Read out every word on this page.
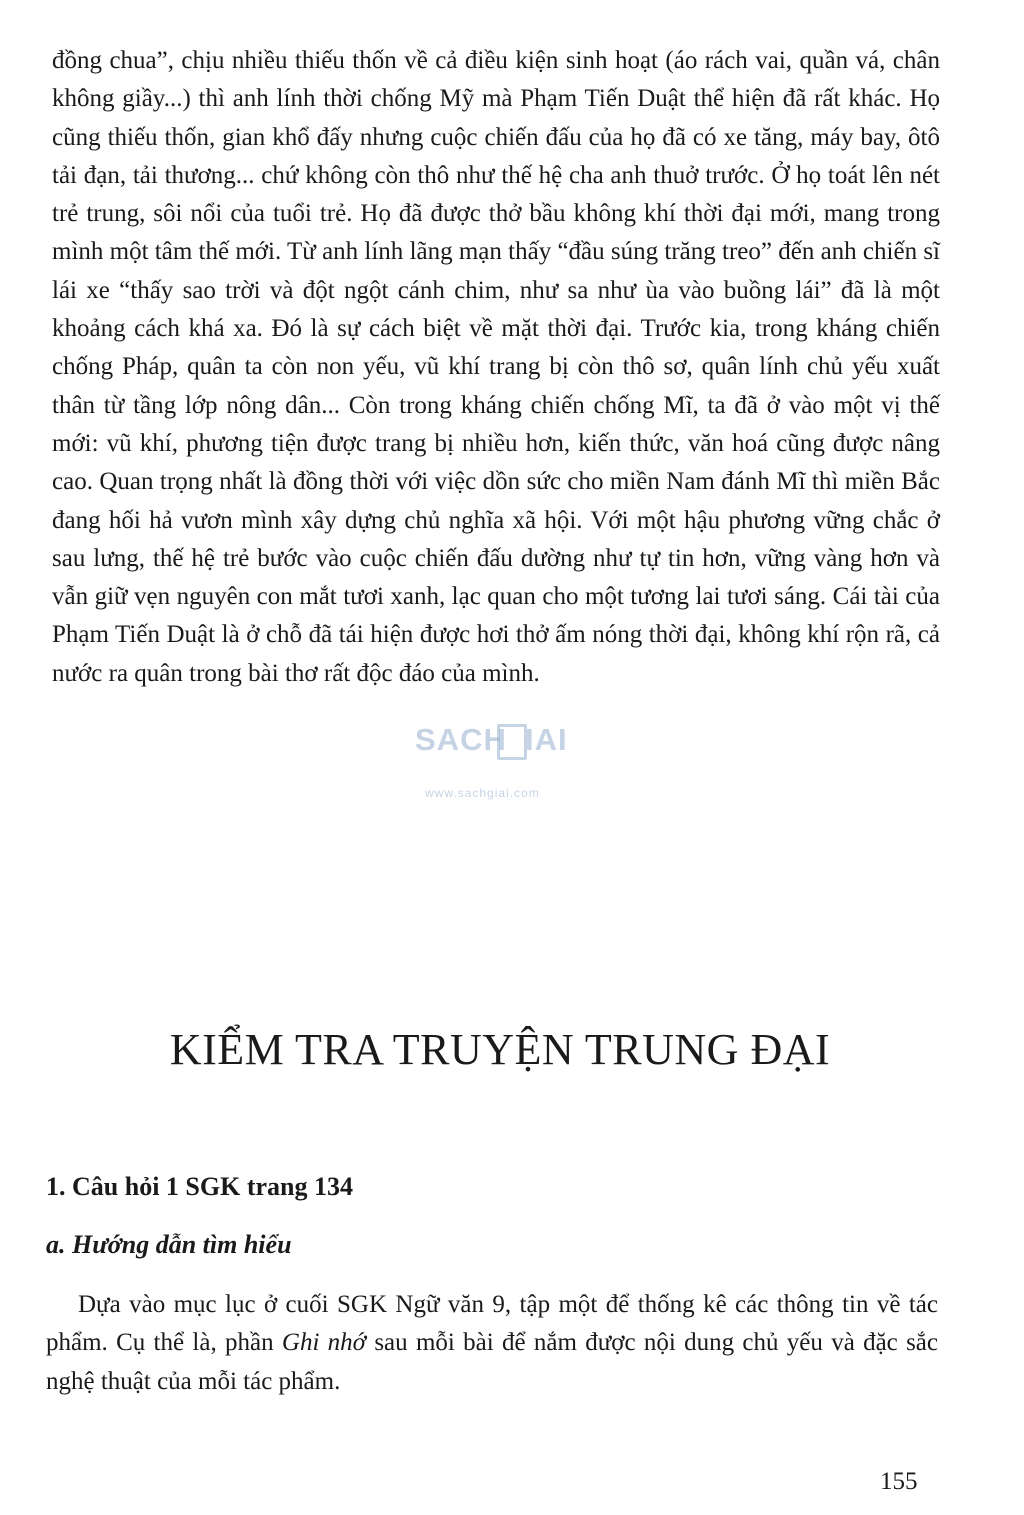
đồng chua”, chịu nhiều thiếu thốn về cả điều kiện sinh hoạt (áo rách vai, quần vá, chân không giầy...) thì anh lính thời chống Mỹ mà Phạm Tiến Duật thể hiện đã rất khác. Họ cũng thiếu thốn, gian khổ đấy nhưng cuộc chiến đấu của họ đã có xe tăng, máy bay, ôtô tải đạn, tải thương... chứ không còn thô như thế hệ cha anh thuở trước. Ở họ toát lên nét trẻ trung, sôi nổi của tuổi trẻ. Họ đã được thở bầu không khí thời đại mới, mang trong mình một tâm thế mới. Từ anh lính lãng mạn thấy “đầu súng trăng treo” đến anh chiến sĩ lái xe “thấy sao trời và đột ngột cánh chim, như sa như ùa vào buồng lái” đã là một khoảng cách khá xa. Đó là sự cách biệt về mặt thời đại. Trước kia, trong kháng chiến chống Pháp, quân ta còn non yếu, vũ khí trang bị còn thô sơ, quân lính chủ yếu xuất thân từ tầng lớp nông dân... Còn trong kháng chiến chống Mĩ, ta đã ở vào một vị thế mới: vũ khí, phương tiện được trang bị nhiều hơn, kiến thức, văn hoá cũng được nâng cao. Quan trọng nhất là đồng thời với việc dồn sức cho miền Nam đánh Mĩ thì miền Bắc đang hối hả vươn mình xây dựng chủ nghĩa xã hội. Với một hậu phương vững chắc ở sau lưng, thế hệ trẻ bước vào cuộc chiến đấu dường như tự tin hơn, vững vàng hơn và vẫn giữ vẹn nguyên con mắt tươi xanh, lạc quan cho một tương lai tươi sáng. Cái tài của Phạm Tiến Duật là ở chỗ đã tái hiện được hơi thở ấm nóng thời đại, không khí rộn rã, cả nước ra quân trong bài thơ rất độc đáo của mình.

SACH IAI
www.sachgiai.com
KIỂM TRA TRUYỆN TRUNG ĐẠI
1. Câu hỏi 1 SGK trang 134
a. Hướng dẫn tìm hiểu

Dựa vào mục lục ở cuối SGK Ngữ văn 9, tập một để thống kê các thông tin về tác phẩm. Cụ thể là, phần Ghi nhớ sau mỗi bài để nắm được nội dung chủ yếu và đặc sắc nghệ thuật của mỗi tác phẩm.

155
